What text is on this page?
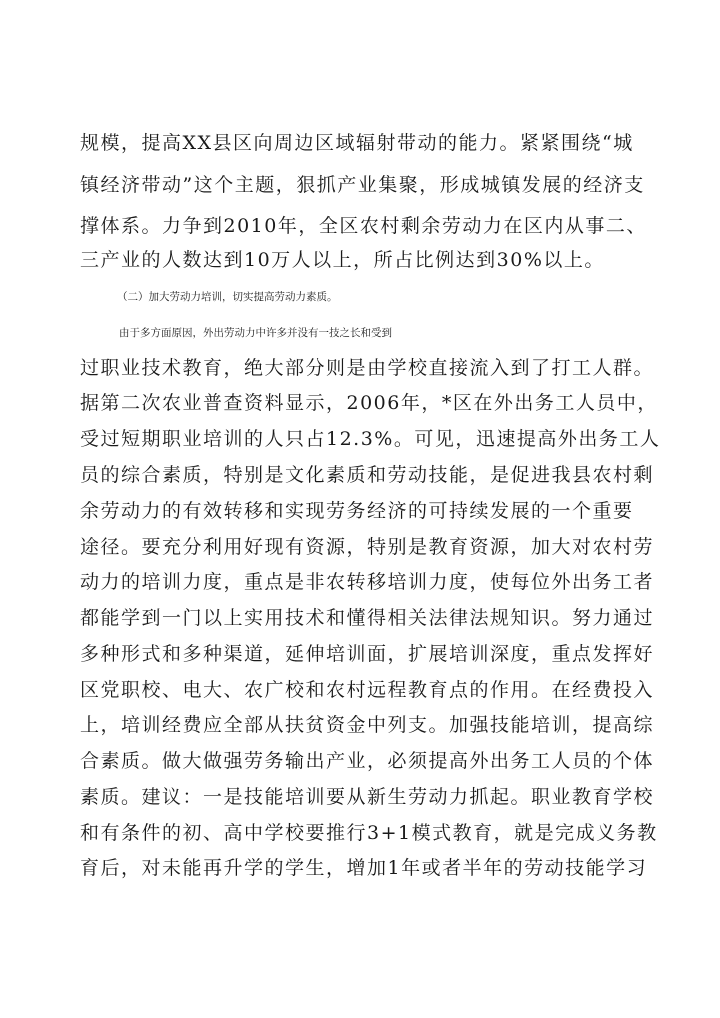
规模，提高XX县区向周边区域辐射带动的能力。紧紧围绕“城
镇经济带动”这个主题，狠抓产业集聚，形成城镇发展的经济支
撑体系。力争到2010年，全区农村剩余劳动力在区内从事二、
三产业的人数达到10万人以上，所占比例达到30%以上。
（二）加大劳动力培训，切实提高劳动力素质。
由于多方面原因，外出劳动力中许多并没有一技之长和受到
过职业技术教育，绝大部分则是由学校直接流入到了打工人群。
据第二次农业普查资料显示，2006年，*区在外出务工人员中，
受过短期职业培训的人只占12.3%。可见，迅速提高外出务工人
员的综合素质，特别是文化素质和劳动技能，是促进我县农村剩
余劳动力的有效转移和实现劳务经济的可持续发展的一个重要
途径。要充分利用好现有资源，特别是教育资源，加大对农村劳
动力的培训力度，重点是非农转移培训力度，使每位外出务工者
都能学到一门以上实用技术和懂得相关法律法规知识。努力通过
多种形式和多种渠道，延伸培训面，扩展培训深度，重点发挥好
区党职校、电大、农广校和农村远程教育点的作用。在经费投入
上，培训经费应全部从扶贫资金中列支。加强技能培训，提高综
合素质。做大做强劳务输出产业，必须提高外出务工人员的个体
素质。建议：一是技能培训要从新生劳动力抓起。职业教育学校
和有条件的初、高中学校要推行3+1模式教育，就是完成义务教
育后，对未能再升学的学生，增加1年或者半年的劳动技能学习
